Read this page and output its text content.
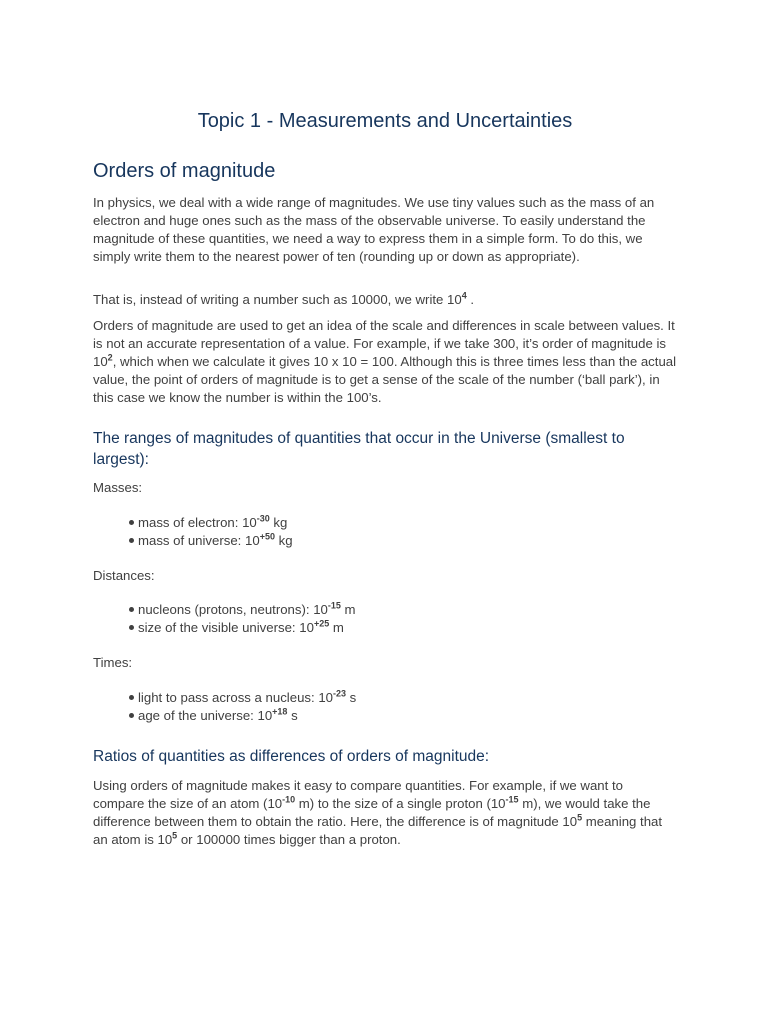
Topic 1 - Measurements and Uncertainties
Orders of magnitude

In physics, we deal with a wide range of magnitudes. We use tiny values such as the mass of an electron and huge ones such as the mass of the observable universe. To easily understand the magnitude of these quantities, we need a way to express them in a simple form. To do this, we simply write them to the nearest power of ten (rounding up or down as appropriate).

That is, instead of writing a number such as 10000, we write $10^4$ .

Orders of magnitude are used to get an idea of the scale and differences in scale between values. It is not an accurate representation of a value. For example, if we take 300, it’s order of magnitude is $10^2$, which when we calculate it gives 10 x 10 = 100. Although this is three times less than the actual value, the point of orders of magnitude is to get a sense of the scale of the number (‘ball park’), in this case we know the number is within the 100’s.

The ranges of magnitudes of quantities that occur in the Universe (smallest to largest):
Masses:
mass of electron: $10^{-30}$ kg
mass of universe: $10^{+50}$ kg
Distances:
nucleons (protons, neutrons): $10^{-15}$ m
size of the visible universe: $10^{+25}$ m
Times:
light to pass across a nucleus: $10^{-23}$ s
age of the universe: $10^{+18}$ s
Ratios of quantities as differences of orders of magnitude:

Using orders of magnitude makes it easy to compare quantities. For example, if we want to compare the size of an atom ($10^{-10}$ m) to the size of a single proton ($10^{-15}$ m), we would take the difference between them to obtain the ratio. Here, the difference is of magnitude $10^5$ meaning that an atom is $10^5$ or 100000 times bigger than a proton.
